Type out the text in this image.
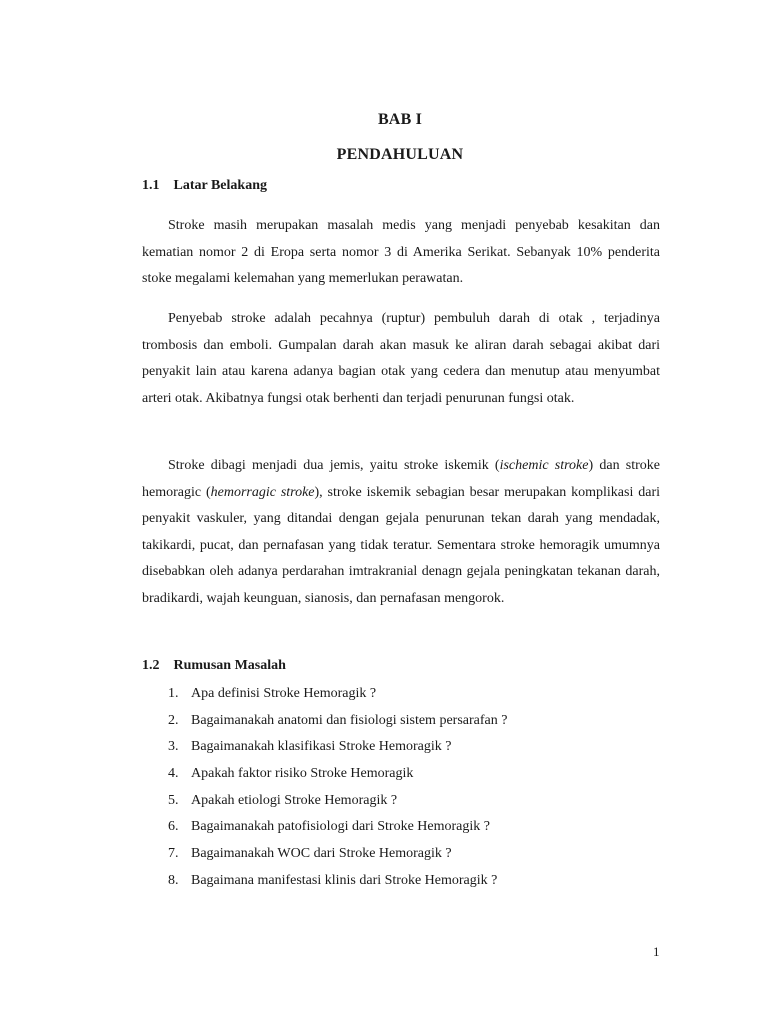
BAB I
PENDAHULUAN
1.1 Latar Belakang

Stroke masih merupakan masalah medis yang menjadi penyebab kesakitan dan kematian nomor 2 di Eropa serta nomor 3 di Amerika Serikat. Sebanyak 10% penderita stoke megalami kelemahan yang memerlukan perawatan.

Penyebab stroke adalah pecahnya (ruptur) pembuluh darah di otak , terjadinya trombosis dan emboli. Gumpalan darah akan masuk ke aliran darah sebagai akibat dari penyakit lain atau karena adanya bagian otak yang cedera dan menutup atau menyumbat arteri otak. Akibatnya fungsi otak berhenti dan terjadi penurunan fungsi otak.

Stroke dibagi menjadi dua jemis, yaitu stroke iskemik (ischemic stroke) dan stroke hemoragic (hemorragic stroke), stroke iskemik sebagian besar merupakan komplikasi dari penyakit vaskuler, yang ditandai dengan gejala penurunan tekan darah yang mendadak, takikardi, pucat, dan pernafasan yang tidak teratur. Sementara stroke hemoragik umumnya disebabkan oleh adanya perdarahan imtrakranial denagn gejala peningkatan tekanan darah, bradikardi, wajah keunguan, sianosis, dan pernafasan mengorok.

1.2 Rumusan Masalah
1. Apa definisi Stroke Hemoragik ?
2. Bagaimanakah anatomi dan fisiologi sistem persarafan ?
3. Bagaimanakah klasifikasi Stroke Hemoragik ?
4. Apakah faktor risiko Stroke Hemoragik
5. Apakah etiologi Stroke Hemoragik ?
6. Bagaimanakah patofisiologi dari Stroke Hemoragik ?
7. Bagaimanakah WOC dari Stroke Hemoragik ?
8. Bagaimana manifestasi klinis dari Stroke Hemoragik ?
1
